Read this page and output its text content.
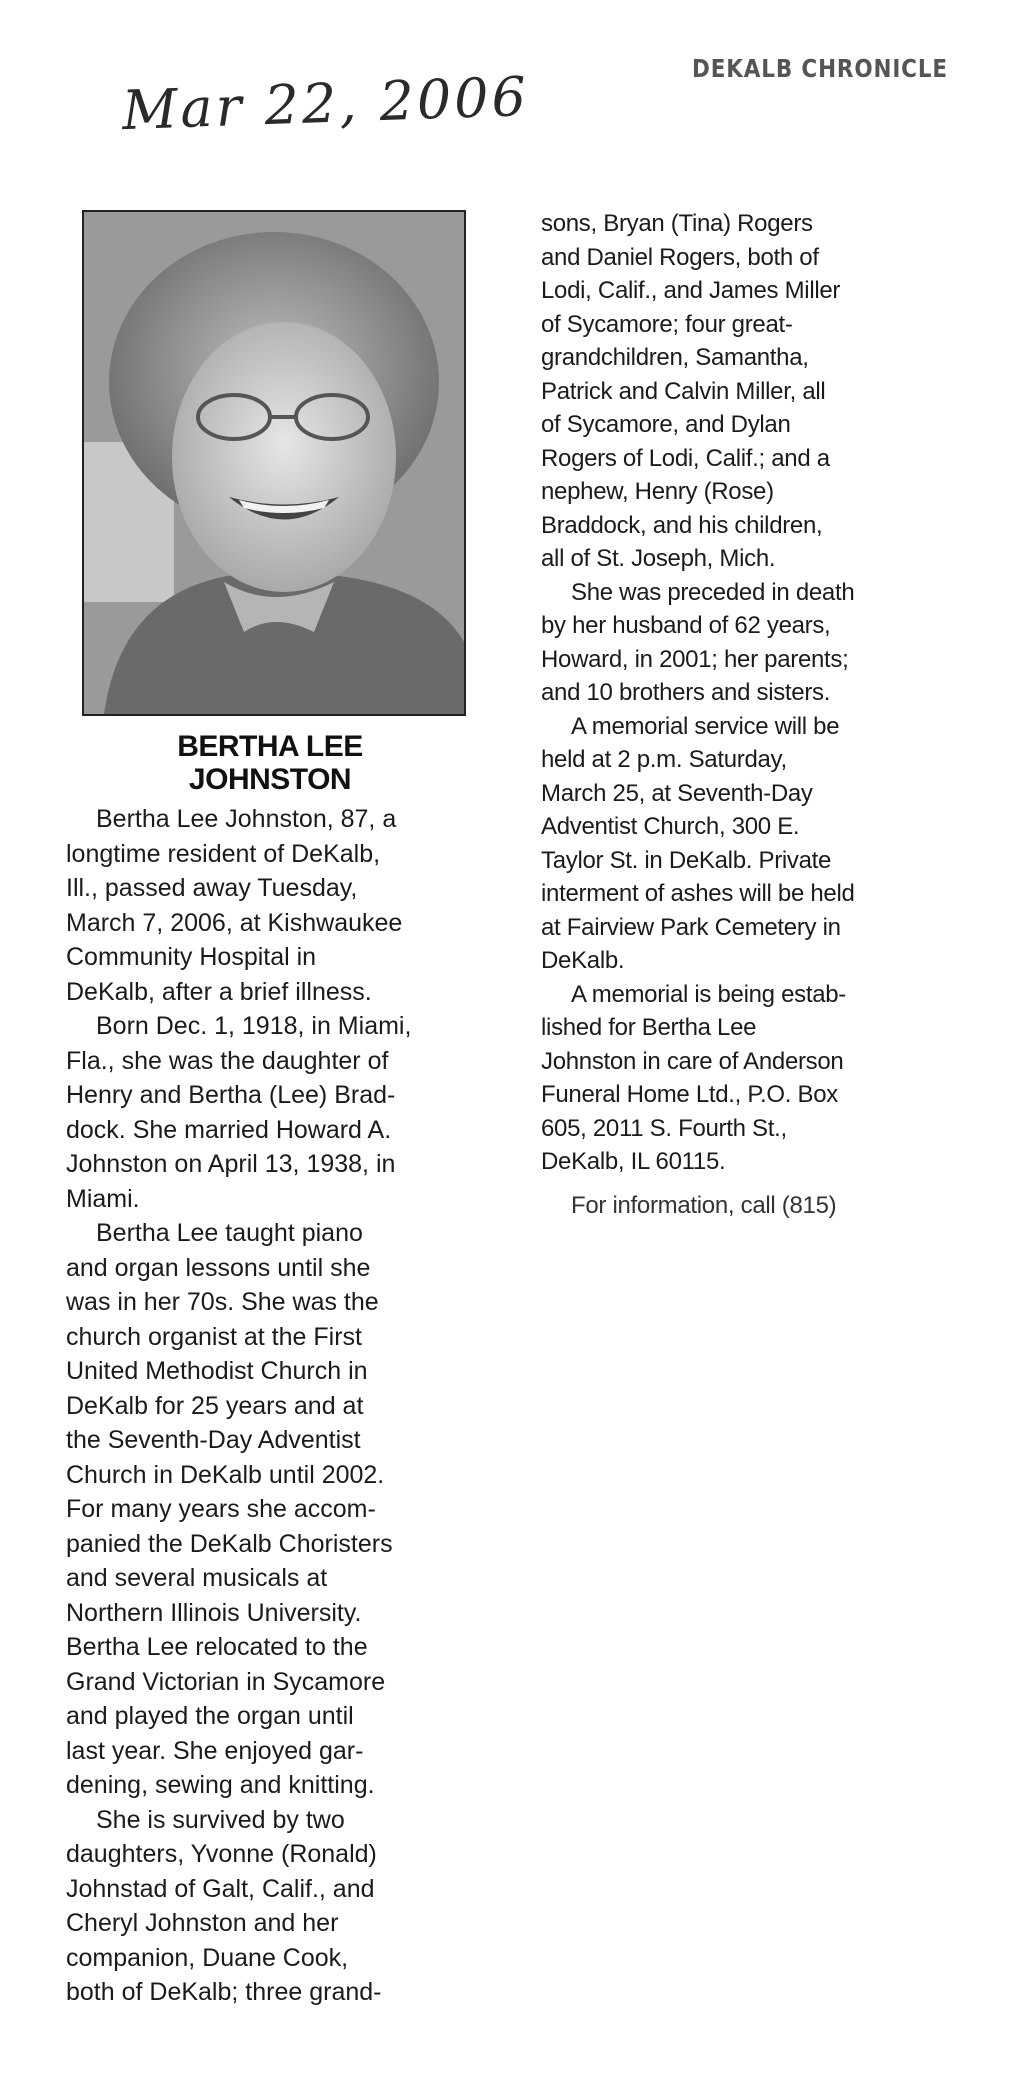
Mar 22, 2006	DEKALB CHRONICLE
BERTHA LEE
JOHNSTON
Bertha Lee Johnston, 87, a
longtime resident of DeKalb,
Ill., passed away Tuesday,
March 7, 2006, at Kishwaukee
Community Hospital in
DeKalb, after a brief illness.
Born Dec. 1, 1918, in Miami,
Fla., she was the daughter of
Henry and Bertha (Lee) Brad-
dock. She married Howard A.
Johnston on April 13, 1938, in
Miami.
Bertha Lee taught piano
and organ lessons until she
was in her 70s. She was the
church organist at the First
United Methodist Church in
DeKalb for 25 years and at
the Seventh-Day Adventist
Church in DeKalb until 2002.
For many years she accom-
panied the DeKalb Choristers
and several musicals at
Northern Illinois University.
Bertha Lee relocated to the
Grand Victorian in Sycamore
and played the organ until
last year. She enjoyed gar-
dening, sewing and knitting.
She is survived by two
daughters, Yvonne (Ronald)
Johnstad of Galt, Calif., and
Cheryl Johnston and her
companion, Duane Cook,
both of DeKalb; three grand-
sons, Bryan (Tina) Rogers
and Daniel Rogers, both of
Lodi, Calif., and James Miller
of Sycamore; four great-
grandchildren, Samantha,
Patrick and Calvin Miller, all
of Sycamore, and Dylan
Rogers of Lodi, Calif.; and a
nephew, Henry (Rose)
Braddock, and his children,
all of St. Joseph, Mich.
She was preceded in death
by her husband of 62 years,
Howard, in 2001; her parents;
and 10 brothers and sisters.
A memorial service will be
held at 2 p.m. Saturday,
March 25, at Seventh-Day
Adventist Church, 300 E.
Taylor St. in DeKalb. Private
interment of ashes will be held
at Fairview Park Cemetery in
DeKalb.
A memorial is being estab-
lished for Bertha Lee
Johnston in care of Anderson
Funeral Home Ltd., P.O. Box
605, 2011 S. Fourth St.,
DeKalb, IL 60115.
For information, call (815)
